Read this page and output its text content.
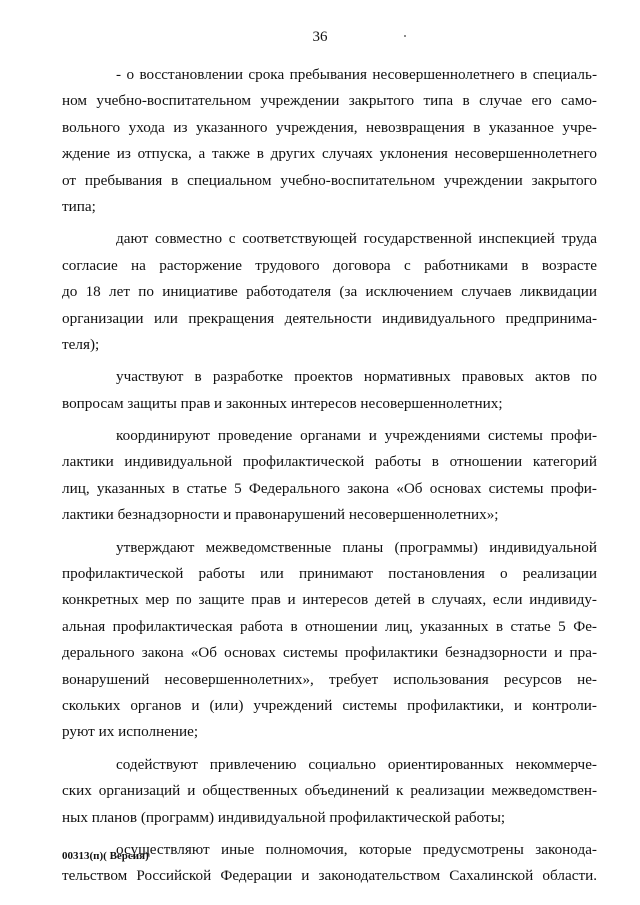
36
- о восстановлении срока пребывания несовершеннолетнего в специаль-
ном учебно-воспитательном учреждении закрытого типа в случае его само-
вольного ухода из указанного учреждения, невозвращения в указанное учре-
ждение из отпуска, а также в других случаях уклонения несовершеннолетнего
от пребывания в специальном учебно-воспитательном учреждении закрытого
типа;
дают совместно с соответствующей государственной инспекцией труда
согласие на расторжение трудового договора с работниками в возрасте
до 18 лет по инициативе работодателя (за исключением случаев ликвидации
организации или прекращения деятельности индивидуального предпринима-
теля);
участвуют в разработке проектов нормативных правовых актов по
вопросам защиты прав и законных интересов несовершеннолетних;
координируют проведение органами и учреждениями системы профи-
лактики индивидуальной профилактической работы в отношении категорий
лиц, указанных в статье 5 Федерального закона «Об основах системы профи-
лактики безнадзорности и правонарушений несовершеннолетних»;
утверждают межведомственные планы (программы) индивидуальной
профилактической работы или принимают постановления о реализации
конкретных мер по защите прав и интересов детей в случаях, если индивиду-
альная профилактическая работа в отношении лиц, указанных в статье 5 Фе-
дерального закона «Об основах системы профилактики безнадзорности и пра-
вонарушений несовершеннолетних», требует использования ресурсов не-
скольких органов и (или) учреждений системы профилактики, и контроли-
руют их исполнение;
содействуют привлечению социально ориентированных некоммерче-
ских организаций и общественных объединений к реализации межведомствен-
ных планов (программ) индивидуальной профилактической работы;
осуществляют иные полномочия, которые предусмотрены законода-
тельством Российской Федерации и законодательством Сахалинской области.
00313(п)( Версия)
